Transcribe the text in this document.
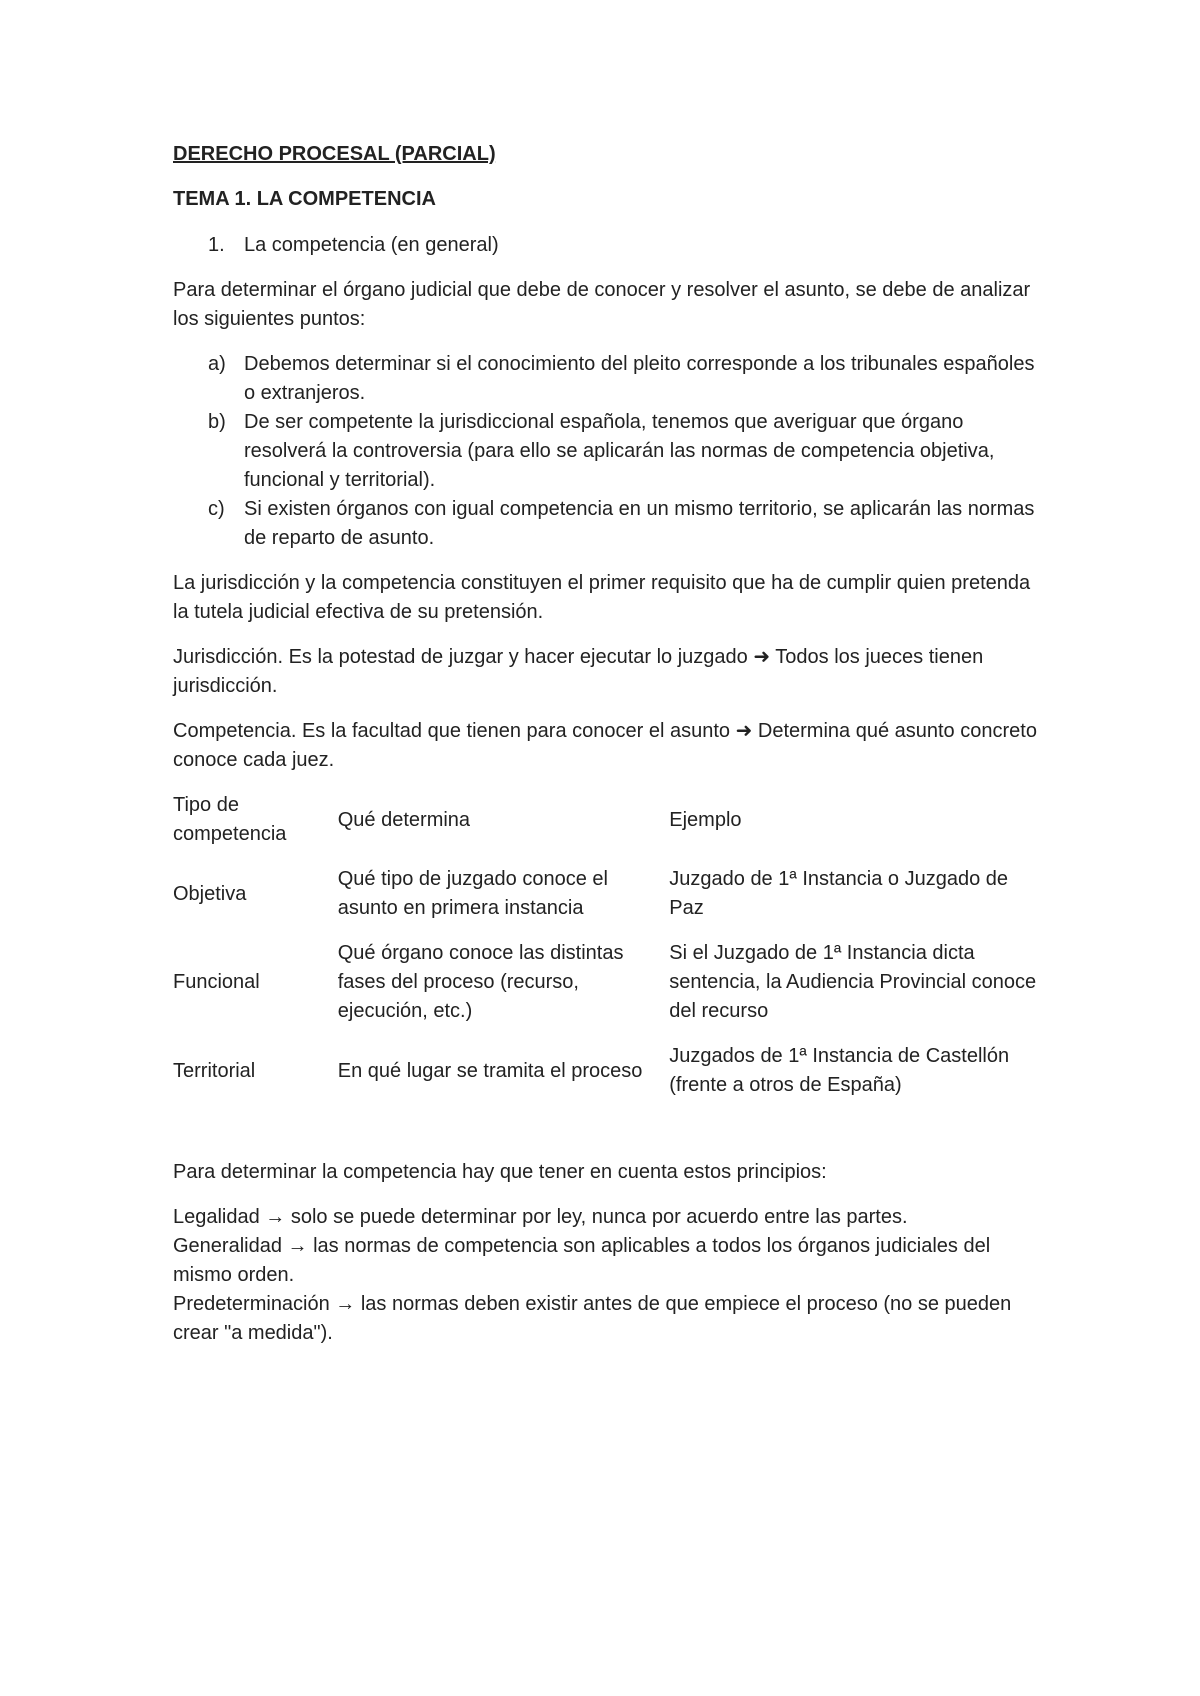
DERECHO PROCESAL (PARCIAL)
TEMA 1. LA COMPETENCIA
1. La competencia (en general)

Para determinar el órgano judicial que debe de conocer y resolver el asunto, se debe de analizar los siguientes puntos:

a) Debemos determinar si el conocimiento del pleito corresponde a los tribunales españoles o extranjeros.
b) De ser competente la jurisdiccional española, tenemos que averiguar que órgano resolverá la controversia (para ello se aplicarán las normas de competencia objetiva, funcional y territorial).
c) Si existen órganos con igual competencia en un mismo territorio, se aplicarán las normas de reparto de asunto.

La jurisdicción y la competencia constituyen el primer requisito que ha de cumplir quien pretenda la tutela judicial efectiva de su pretensión.

Jurisdicción. Es la potestad de juzgar y hacer ejecutar lo juzgado ➜ Todos los jueces tienen jurisdicción.

Competencia. Es la facultad que tienen para conocer el asunto ➜ Determina qué asunto concreto conoce cada juez.

Tipo de competencia	Qué determina	Ejemplo
Objetiva	Qué tipo de juzgado conoce el asunto en primera instancia	Juzgado de 1ª Instancia o Juzgado de Paz
Funcional	Qué órgano conoce las distintas fases del proceso (recurso, ejecución, etc.)	Si el Juzgado de 1ª Instancia dicta sentencia, la Audiencia Provincial conoce del recurso
Territorial	En qué lugar se tramita el proceso	Juzgados de 1ª Instancia de Castellón (frente a otros de España)

Para determinar la competencia hay que tener en cuenta estos principios:

Legalidad → solo se puede determinar por ley, nunca por acuerdo entre las partes.
Generalidad → las normas de competencia son aplicables a todos los órganos judiciales del mismo orden.
Predeterminación → las normas deben existir antes de que empiece el proceso (no se pueden crear "a medida").
